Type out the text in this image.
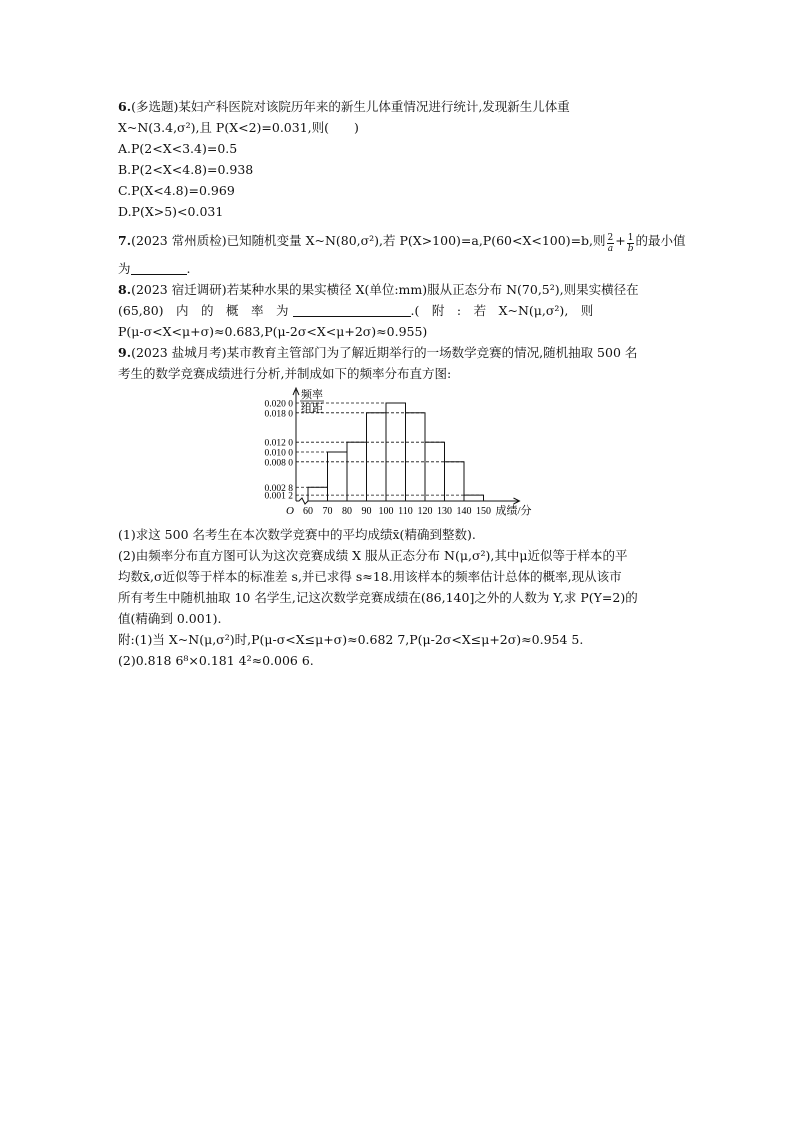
6.(多选题)某妇产科医院对该院历年来的新生儿体重情况进行统计,发现新生儿体重
X~N(3.4,σ²),且 P(X<2)=0.031,则(　　)
A.P(2<X<3.4)=0.5
B.P(2<X<4.8)=0.938
C.P(X<4.8)=0.969
D.P(X>5)<0.031
7.(2023 常州质检)已知随机变量 X~N(80,σ²),若 P(X>100)=a,P(60<X<100)=b,则 $\frac{2}{a} + \frac{1}{b}$ 的最小值
为	.
8.(2023 宿迁调研)若某种水果的果实横径 X(单位:mm)服从正态分布 N(70,5²),则果实横径在
(65,80)　内　的　概　率　为	.(　附　:　若　X~N(μ,σ²),　则
P(μ-σ<X<μ+σ)≈0.683,P(μ-2σ<X<μ+2σ)≈0.955)
9.(2023 盐城月考)某市教育主管部门为了解近期举行的一场数学竞赛的情况,随机抽取 500 名
考生的数学竞赛成绩进行分析,并制成如下的频率分布直方图:
频率
组距
0.001 2
0.002 8
0.008 0
0.010 0
0.012 0
0.018 0
0.020 0
60 70 80 90 100 110 120 130 140 150
O	成绩/分
(1)求这 500 名考生在本次数学竞赛中的平均成绩x̄(精确到整数).
(2)由频率分布直方图可认为这次竞赛成绩 X 服从正态分布 N(μ,σ²),其中μ近似等于样本的平
均数x̄,σ近似等于样本的标准差 s,并已求得 s≈18.用该样本的频率估计总体的概率,现从该市
所有考生中随机抽取 10 名学生,记这次数学竞赛成绩在(86,140]之外的人数为 Y,求 P(Y=2)的
值(精确到 0.001).
附:(1)当 X~N(μ,σ²)时,P(μ-σ<X≤μ+σ)≈0.682 7,P(μ-2σ<X≤μ+2σ)≈0.954 5.
(2)0.818 6⁸×0.181 4²≈0.006 6.
